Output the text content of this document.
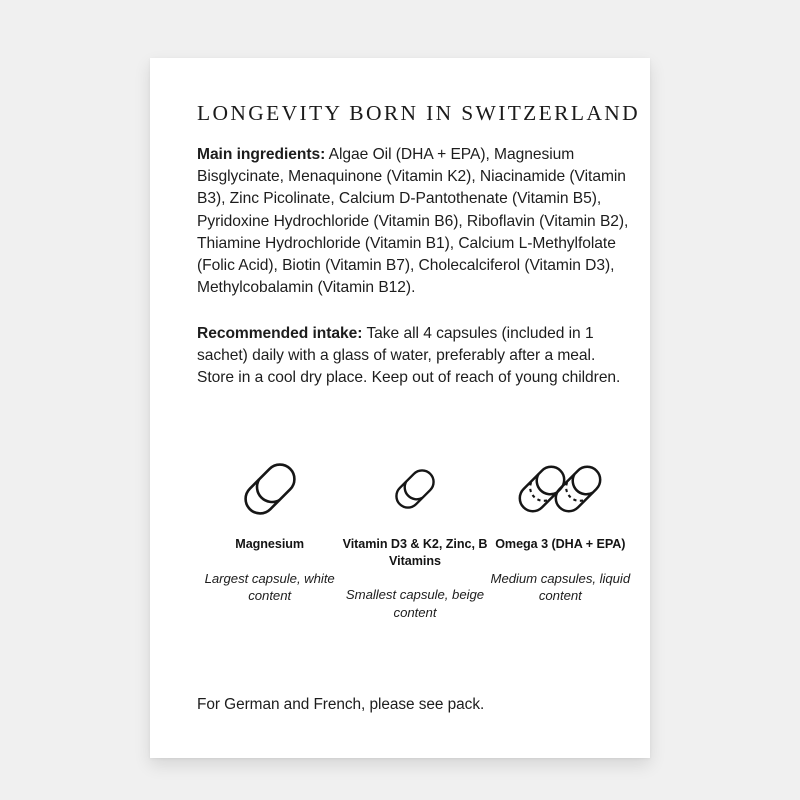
LONGEVITY BORN IN SWITZERLAND

Main ingredients: Algae Oil (DHA + EPA), Magnesium Bisglycinate, Menaquinone (Vitamin K2), Niacinamide (Vitamin B3), Zinc Picolinate, Calcium D-Pantothenate (Vitamin B5), Pyridoxine Hydrochloride (Vitamin B6), Riboflavin (Vitamin B2), Thiamine Hydrochloride (Vitamin B1), Calcium L-Methylfolate (Folic Acid), Biotin (Vitamin B7), Cholecalciferol (Vitamin D3), Methylcobalamin (Vitamin B12).

Recommended intake: Take all 4 capsules (included in 1 sachet) daily with a glass of water, preferably after a meal.

Store in a cool dry place. Keep out of reach of young children.

Magnesium
Largest capsule, white content
Vitamin D3 & K2, Zinc, B Vitamins
Smallest capsule, beige content
Omega 3 (DHA + EPA)
Medium capsules, liquid content
For German and French, please see pack.
